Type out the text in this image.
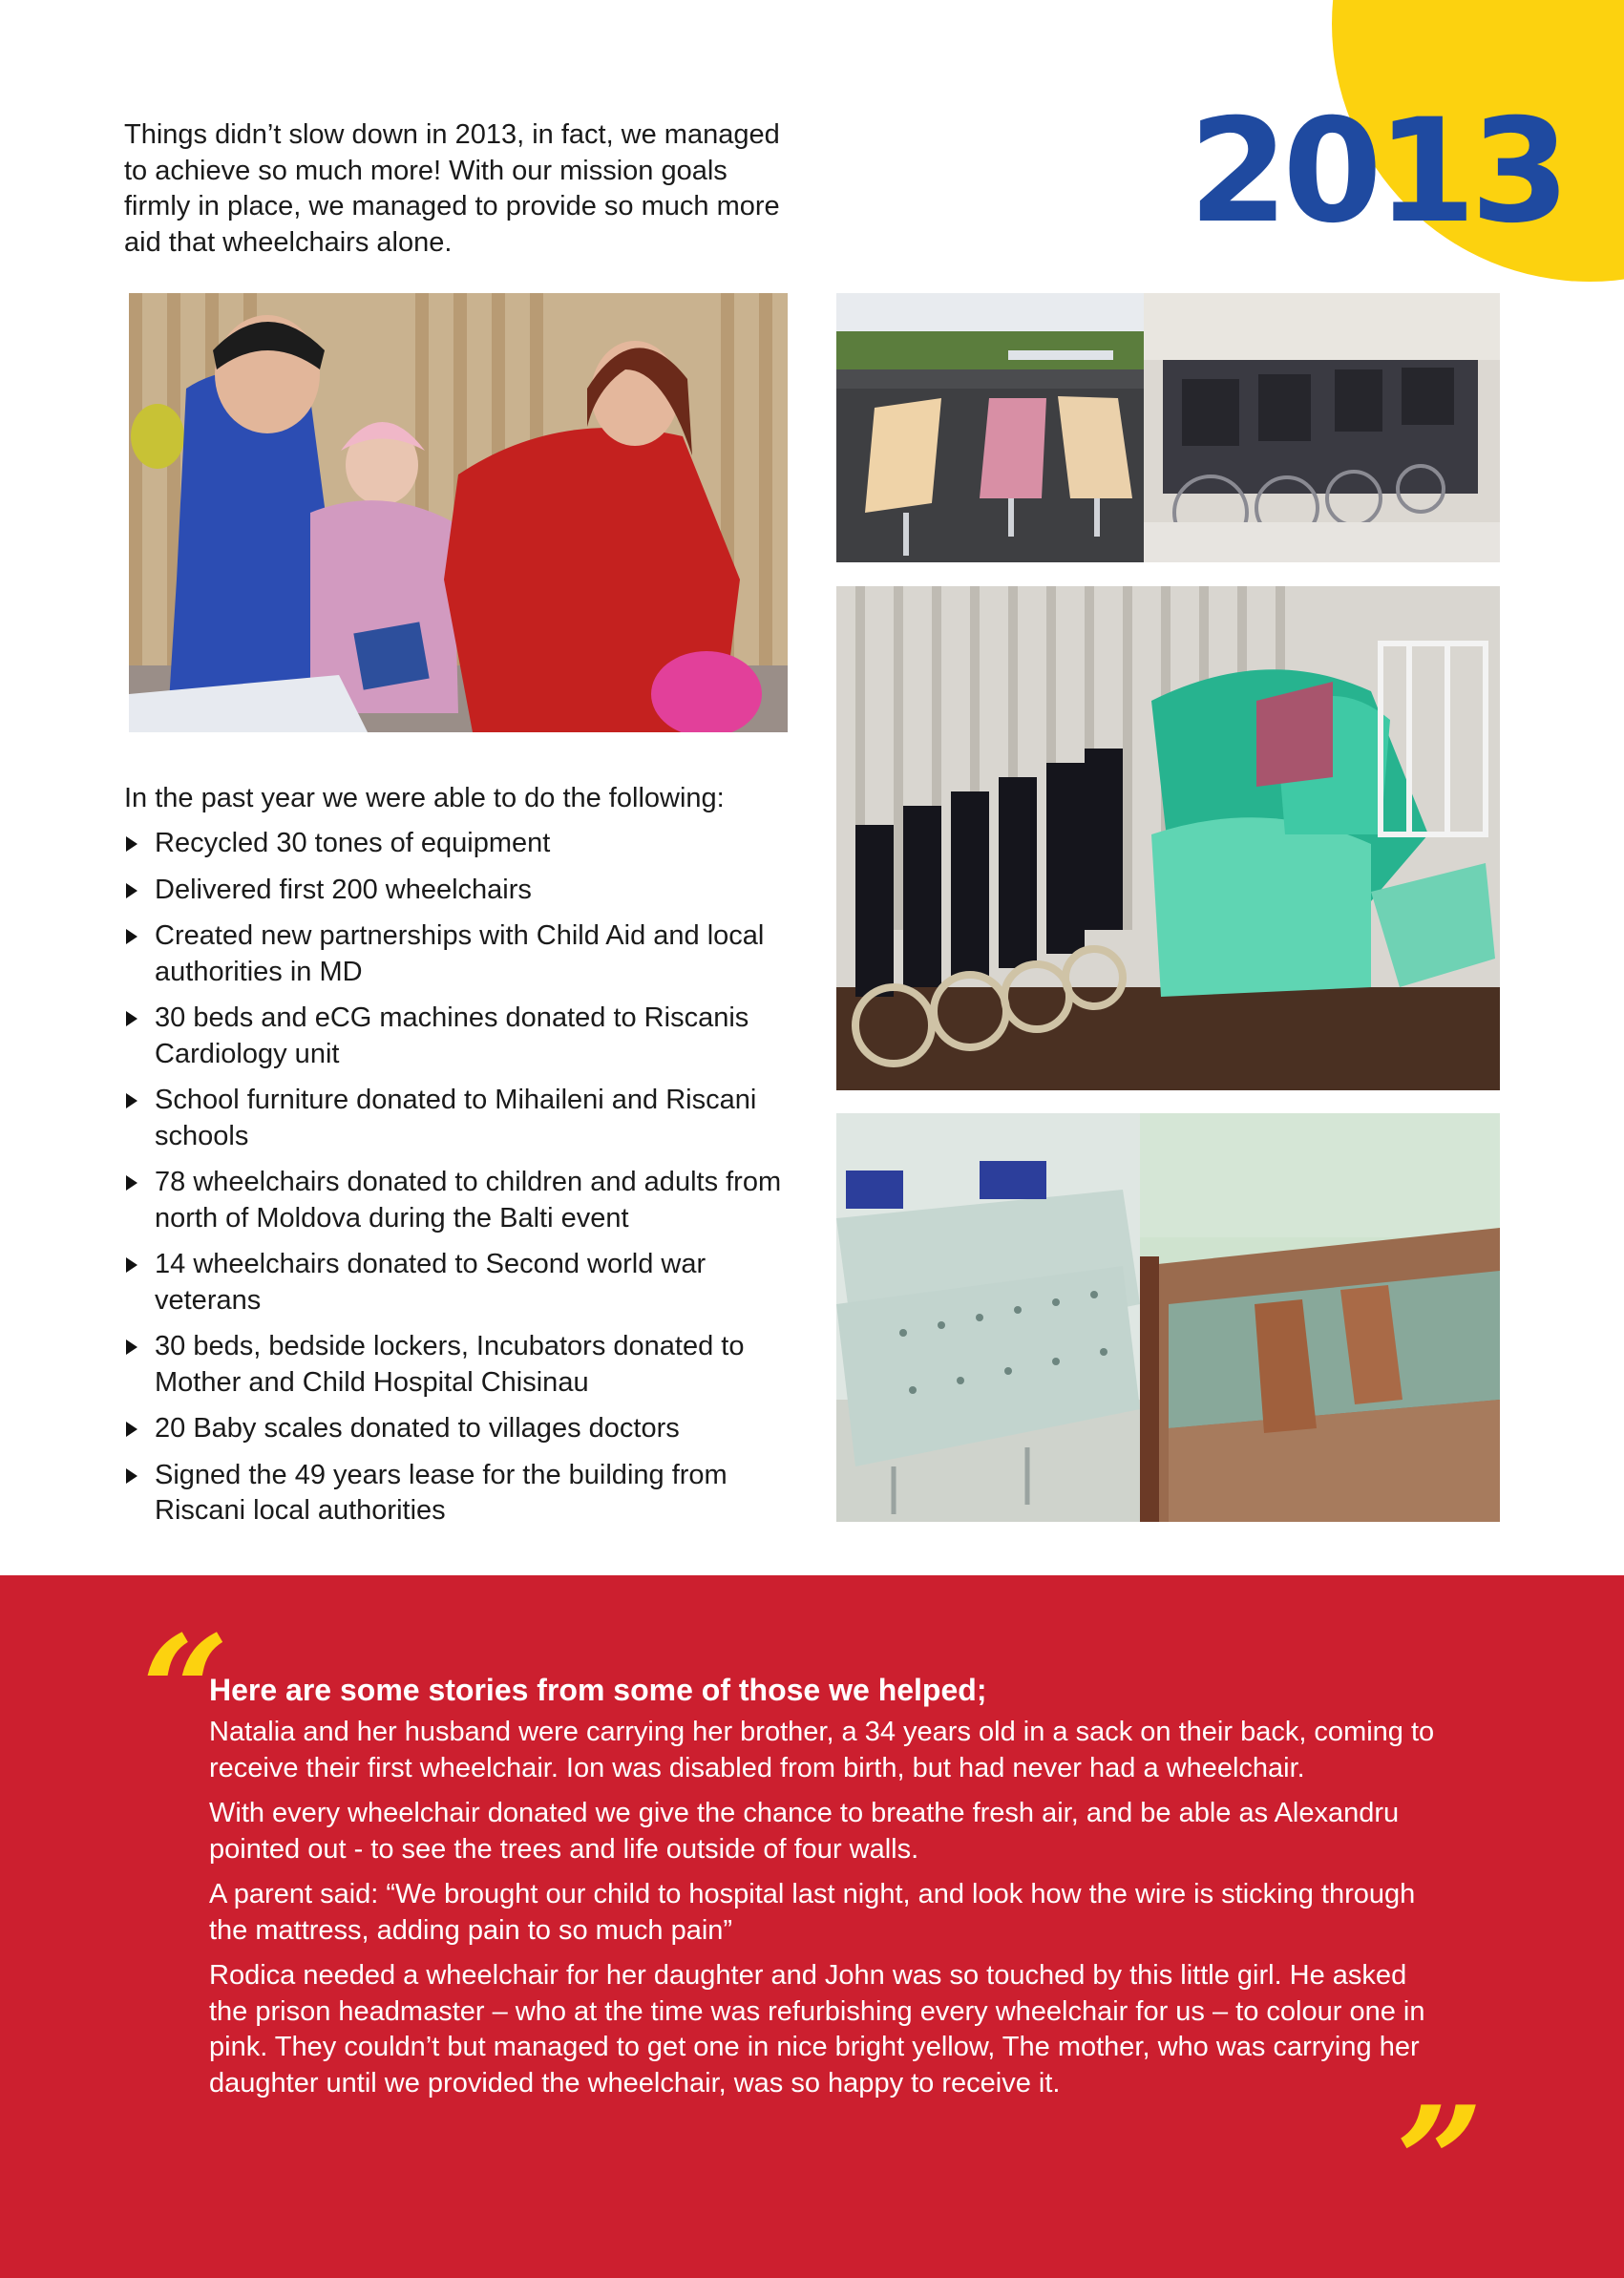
2013

Things didn’t slow down in 2013, in fact, we managed to achieve so much more! With our mission goals firmly in place, we managed to provide so much more aid that wheelchairs alone.

In the past year we were able to do the following:

Recycled 30 tones of equipment
Delivered first 200 wheelchairs
Created new partnerships with Child Aid and local authorities in MD
30 beds and eCG machines donated to Riscanis Cardiology unit
School furniture donated to Mihaileni and Riscani schools
78 wheelchairs donated to children and adults from north of Moldova during the Balti event
14 wheelchairs donated to Second world war veterans
30 beds, bedside lockers, Incubators donated to Mother and Child Hospital Chisinau
20 Baby scales donated to villages doctors
Signed the 49 years lease for the building from Riscani local authorities
“
Here are some stories from some of those we helped;

Natalia and her husband were carrying her brother, a 34 years old in a sack on their back, coming to receive their first wheelchair. Ion was disabled from birth, but had never had a wheelchair.

With every wheelchair donated we give the chance to breathe fresh air, and be able as Alexandru pointed out - to see the trees and life outside of four walls.

A parent said: “We brought our child to hospital last night, and look how the wire is sticking through the mattress, adding pain to so much pain”

Rodica needed a wheelchair for her daughter and John was so touched by this little girl. He asked the prison headmaster – who at the time was refurbishing every wheelchair for us – to colour one in pink. They couldn’t but managed to get one in nice bright yellow, The mother, who was carrying her daughter until we provided the wheelchair, was so happy to receive it.	”
